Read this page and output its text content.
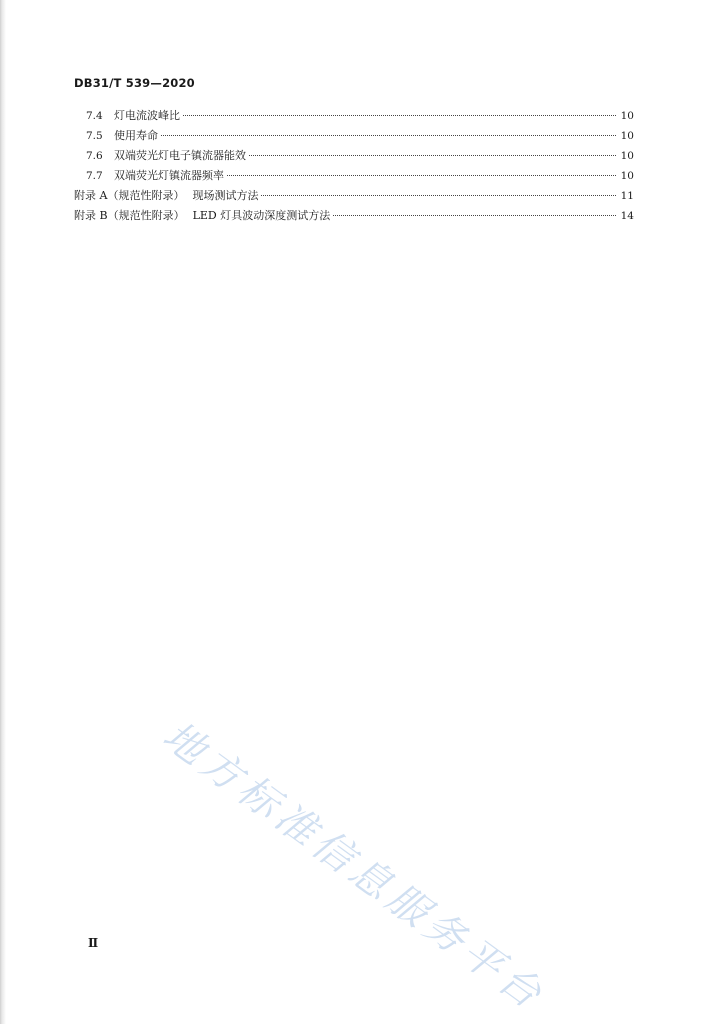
DB31/T 539—2020
7.4	灯电流波峰比	10
7.5	使用寿命	10
7.6	双端荧光灯电子镇流器能效	10
7.7	双端荧光灯镇流器频率	10
附录 A（规范性附录） 现场测试方法	11
附录 B（规范性附录） LED 灯具波动深度测试方法	14
地方标准信息服务平台
Ⅱ
